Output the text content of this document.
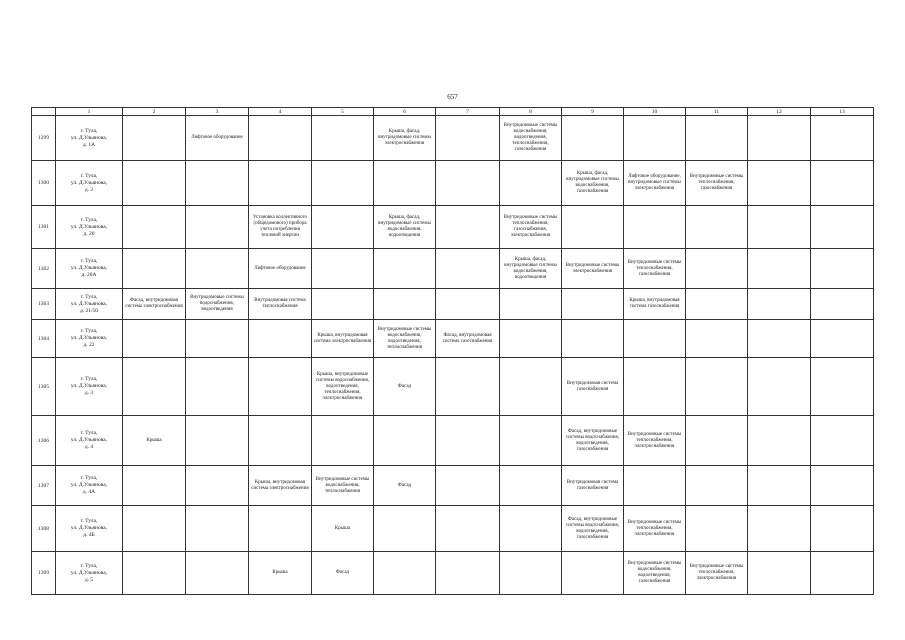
657
	1	2	3	4	5	6	7	8	9	10	11	12	13
1299	г. Тула,
ул. Д.Ульянова,
д. 1А		Лифтовое оборудование			Крыша, фасад, внутридомовые системы электроснабжения		Внутридомовые системы водоснабжения, водоотведения, теплоснабжения, газоснабжения					
1300	г. Тула,
ул. Д.Ульянова,
д. 2								Крыша, фасад, внутридомовые системы водоснабжения, газоснабжения	Лифтовое оборудование, внутридомовые системы электроснабжения	Внутридомовые системы теплоснабжения, газоснабжения		
1301	г. Тула,
ул. Д.Ульянова,
д. 20			Установка коллективного (общедомового) прибора учета потребления тепловой энергии		Крыша, фасад, внутридомовые системы водоснабжения, водоотведения		Внутридомовые системы теплоснабжения, газоснабжения, электроснабжения					
1302	г. Тула,
ул. Д.Ульянова,
д. 20А			Лифтовое оборудование				Крыша, фасад, внутридомовые системы водоснабжения, водоотведения	Внутридомовые системы электроснабжения	Внутридомовые системы теплоснабжения, газоснабжения			
1303	г. Тула,
ул. Д.Ульянова,
д. 21/50	Фасад, внутридомовая система электроснабжения	Внутридомовые системы водоснабжения, водоотведения	Внутридомовая система теплоснабжения						Крыша, внутридомовая система газоснабжения			
1304	г. Тула,
ул. Д.Ульянова,
д. 22				Крыша, внутридомовая система электроснабжения	Внутридомовые системы водоснабжения, водоотведения, теплоснабжения	Фасад, внутридомовая система газоснабжения						
1305	г. Тула,
ул. Д.Ульянова,
д. 3				Крыша, внутридомовые системы водоснабжения, водоотведения, теплоснабжения, электроснабжения	Фасад			Внутридомовая система газоснабжения				
1306	г. Тула,
ул. Д.Ульянова,
д. 4	Крыша							Фасад, внутридомовые системы водоснабжения, водоотведения, газоснабжения	Внутридомовые системы теплоснабжения, электроснабжения			
1307	г. Тула,
ул. Д.Ульянова,
д. 4А			Крыша, внутридомовая система электроснабжения	Внутридомовые системы водоснабжения, теплоснабжения	Фасад			Внутридомовая система газоснабжения				
1308	г. Тула,
ул. Д.Ульянова,
д. 4Б				Крыша				Фасад, внутридомовые системы водоснабжения, водоотведения, газоснабжения	Внутридомовые системы теплоснабжения, электроснабжения			
1309	г. Тула,
ул. Д.Ульянова,
д. 5			Крыша	Фасад					Внутридомовые системы водоснабжения, водоотведения, газоснабжения	Внутридомовые системы теплоснабжения, электроснабжения		
